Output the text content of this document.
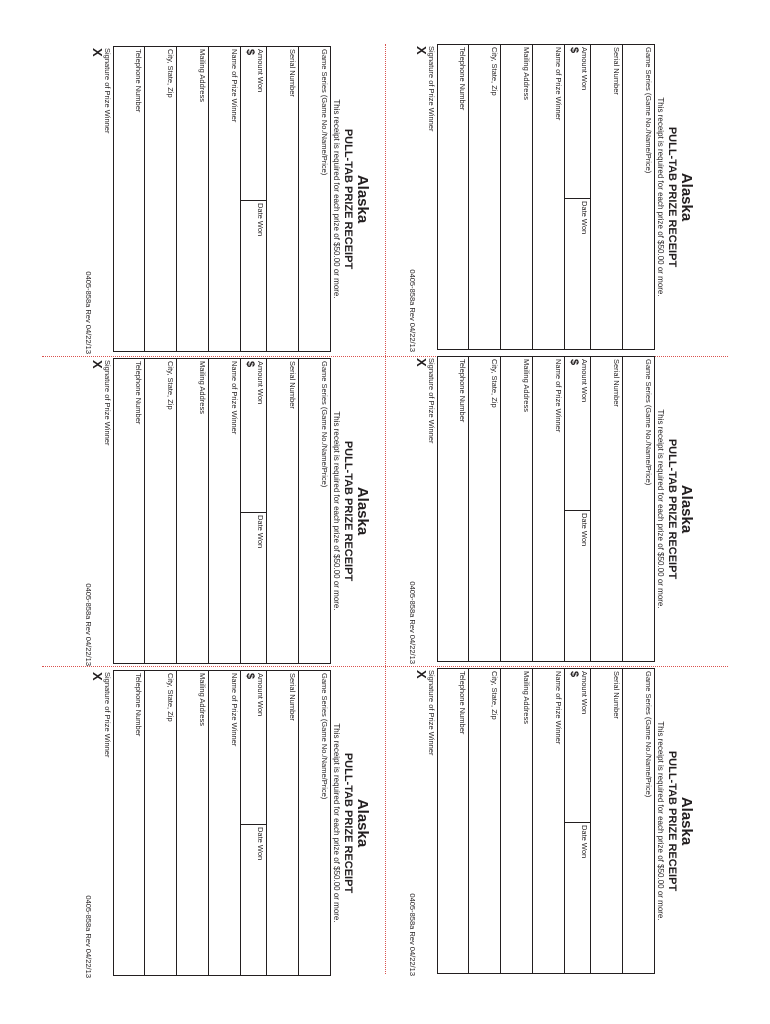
Alaska
PULL-TAB PRIZE RECEIPT
This receipt is required for each prize of $50.00 or more.
Game Series (Game No./Name/Price)
Serial Number
Amount Won
$
Date Won
Name of Prize Winner
Mailing Address
City, State, Zip
Telephone Number
Signature of Prize Winner
X
0405-858a Rev 04/22/13
Alaska
PULL-TAB PRIZE RECEIPT
This receipt is required for each prize of $50.00 or more.
Game Series (Game No./Name/Price)
Serial Number
Amount Won
$
Date Won
Name of Prize Winner
Mailing Address
City, State, Zip
Telephone Number
Signature of Prize Winner
X
0405-858a Rev 04/22/13
Alaska
PULL-TAB PRIZE RECEIPT
This receipt is required for each prize of $50.00 or more.
Game Series (Game No./Name/Price)
Serial Number
Amount Won
$
Date Won
Name of Prize Winner
Mailing Address
City, State, Zip
Telephone Number
Signature of Prize Winner
X
0405-858a Rev 04/22/13
Alaska
PULL-TAB PRIZE RECEIPT
This receipt is required for each prize of $50.00 or more.
Game Series (Game No./Name/Price)
Serial Number
Amount Won
$
Date Won
Name of Prize Winner
Mailing Address
City, State, Zip
Telephone Number
Signature of Prize Winner
X
0405-858a Rev 04/22/13
Alaska
PULL-TAB PRIZE RECEIPT
This receipt is required for each prize of $50.00 or more.
Game Series (Game No./Name/Price)
Serial Number
Amount Won
$
Date Won
Name of Prize Winner
Mailing Address
City, State, Zip
Telephone Number
Signature of Prize Winner
X
0405-858a Rev 04/22/13
Alaska
PULL-TAB PRIZE RECEIPT
This receipt is required for each prize of $50.00 or more.
Game Series (Game No./Name/Price)
Serial Number
Amount Won
$
Date Won
Name of Prize Winner
Mailing Address
City, State, Zip
Telephone Number
Signature of Prize Winner
X
0405-858a Rev 04/22/13
